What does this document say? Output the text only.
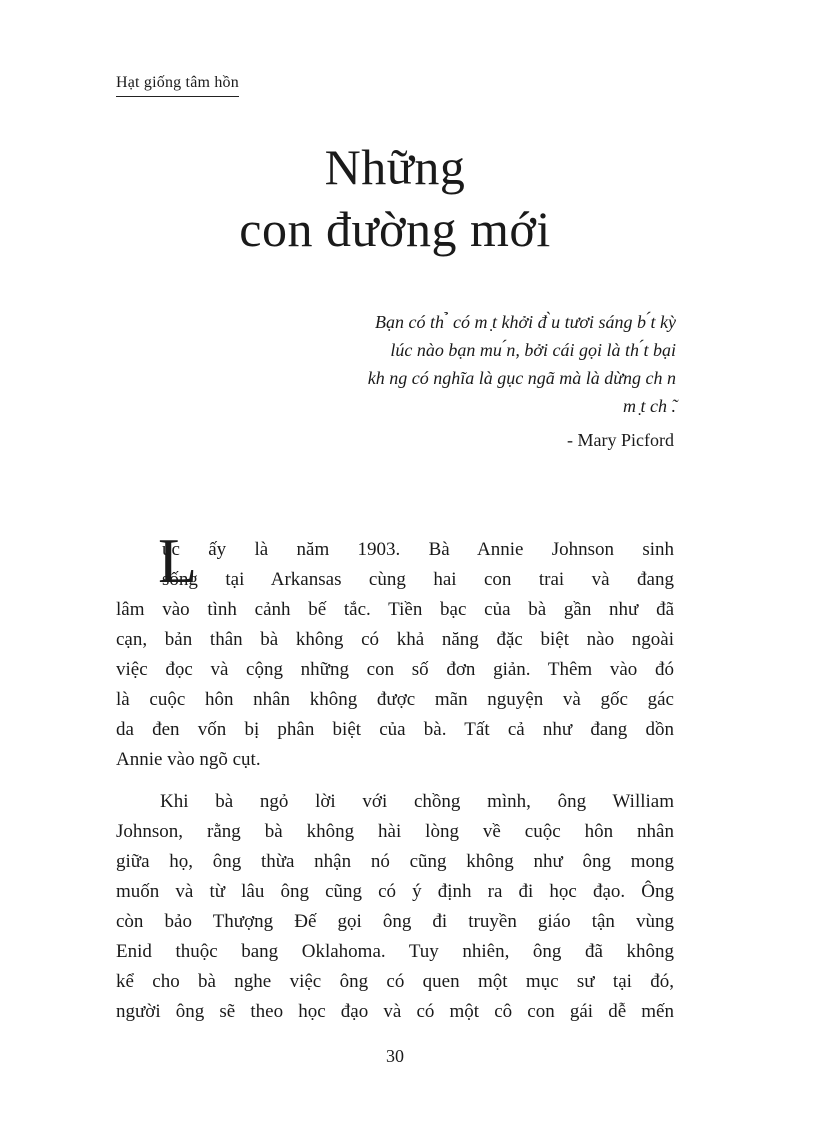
Hạt giống tâm hồn
Những
con đường mới

Bạn có th ̉ có m ̣t khởi đ ̀u tươi sáng b ́t kỳ
lúc nào bạn mu ́n, bởi cái gọi là th ́t bại
kh ng có nghĩa là gục ngã mà là dừng ch n
m ̣t ch ̃.

- Mary Picford

L

úc ấy là năm 1903. Bà Annie Johnson sinh
sống tại Arkansas cùng hai con trai và đang
lâm vào tình cảnh bế tắc. Tiền bạc của bà gần như đã
cạn, bản thân bà không có khả năng đặc biệt nào ngoài
việc đọc và cộng những con số đơn giản. Thêm vào đó
là cuộc hôn nhân không được mãn nguyện và gốc gác
da đen vốn bị phân biệt của bà. Tất cả như đang dồn
Annie vào ngõ cụt.

Khi bà ngỏ lời với chồng mình, ông William
Johnson, rằng bà không hài lòng về cuộc hôn nhân
giữa họ, ông thừa nhận nó cũng không như ông mong
muốn và từ lâu ông cũng có ý định ra đi học đạo. Ông
còn bảo Thượng Đế gọi ông đi truyền giáo tận vùng
Enid thuộc bang Oklahoma. Tuy nhiên, ông đã không
kể cho bà nghe việc ông có quen một mục sư tại đó,
người ông sẽ theo học đạo và có một cô con gái dễ mến

30
